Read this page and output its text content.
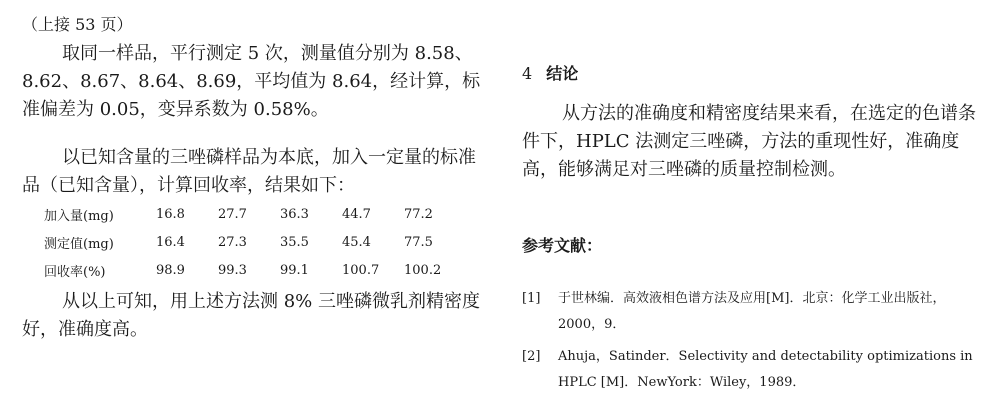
（上接 53 页）

取同一样品，平行测定 5 次，测量值分别为 8.58、8.62、8.67、8.64、8.69，平均值为 8.64，经计算，标准偏差为 0.05，变异系数为 0.58%。

以已知含量的三唑磷样品为本底，加入一定量的标准品（已知含量），计算回收率，结果如下：

加入量(mg)	16.8	27.7	36.3	44.7	77.2
测定值(mg)	16.4	27.3	35.5	45.4	77.5
回收率(%)	98.9	99.3	99.1	100.7	100.2

从以上可知，用上述方法测 8% 三唑磷微乳剂精密度好，准确度高。

4 结论

从方法的准确度和精密度结果来看，在选定的色谱条件下，HPLC 法测定三唑磷，方法的重现性好，准确度高，能够满足对三唑磷的质量控制检测。

参考文献：
[1] 于世林编．高效液相色谱方法及应用[M]．北京：化学工业出版社，2000，9．
[2] Ahuja，Satinder．Selectivity and detectability optimizations in HPLC [M]．NewYork：Wiley，1989．
